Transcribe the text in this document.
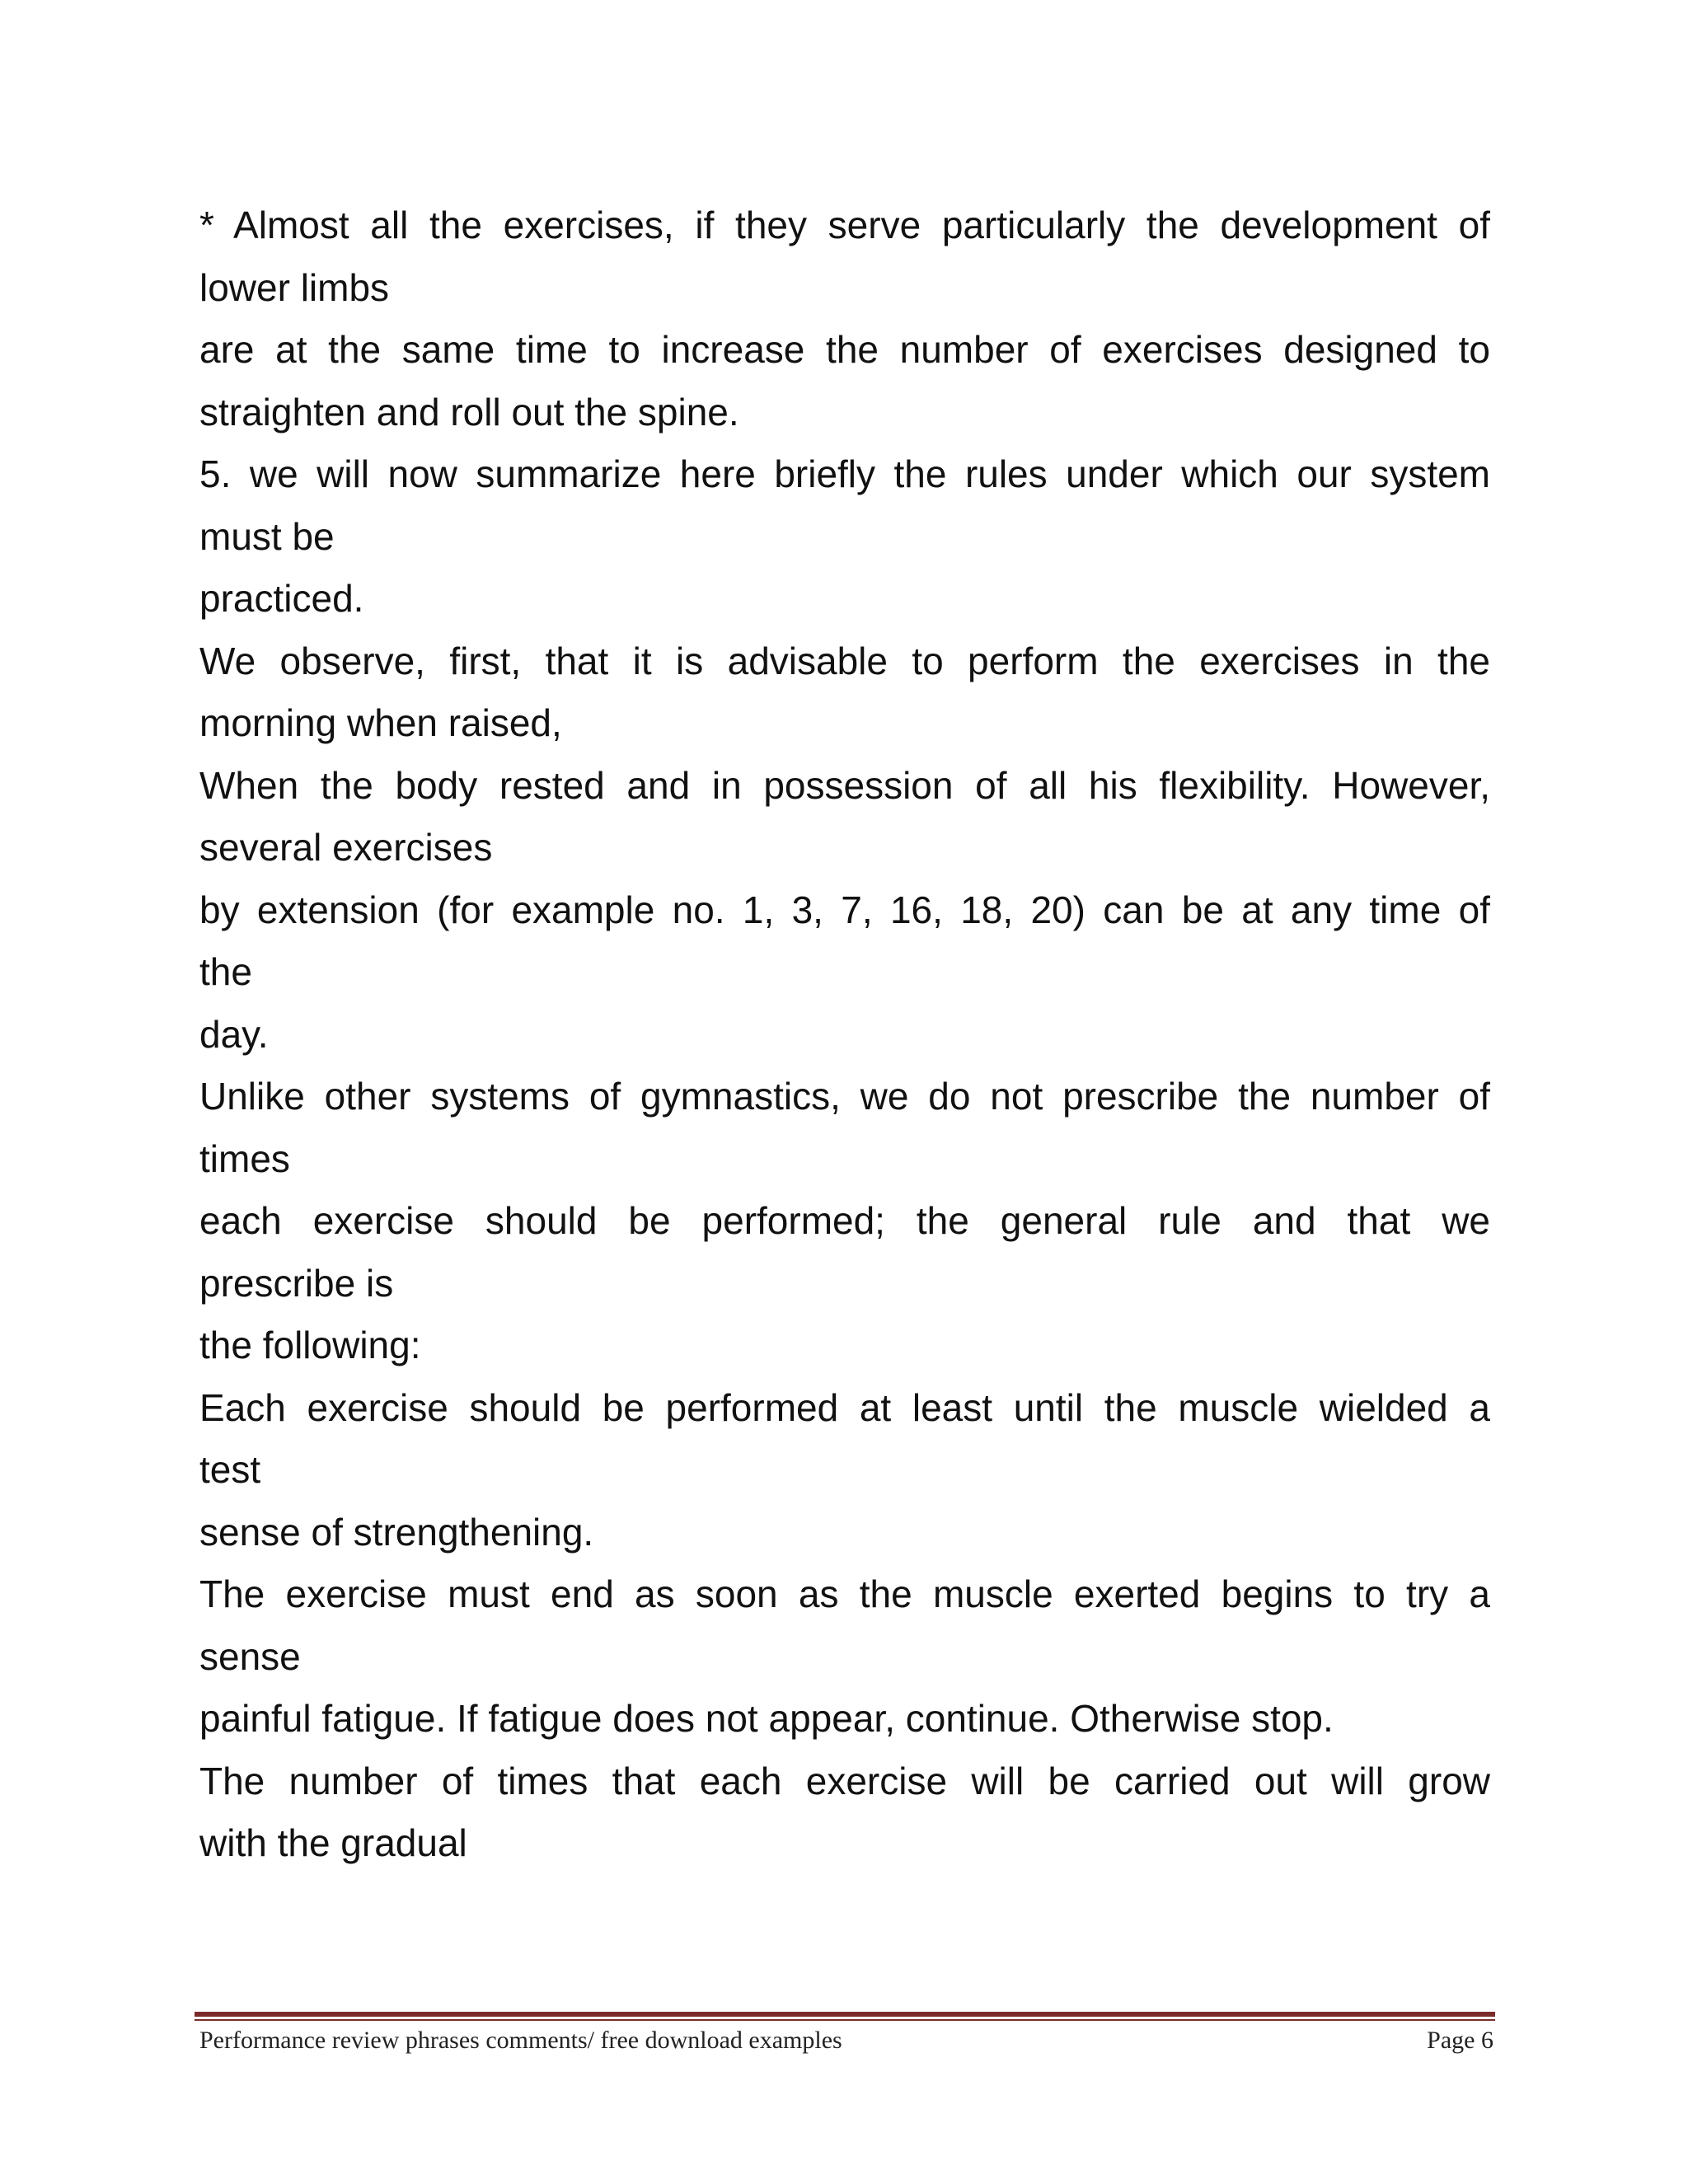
* Almost all the exercises, if they serve particularly the development of
lower limbs
are at the same time to increase the number of exercises designed to
straighten and roll out the spine.
5. we will now summarize here briefly the rules under which our system
must be
practiced.
We observe, first, that it is advisable to perform the exercises in the
morning when raised,
When the body rested and in possession of all his flexibility. However,
several exercises
by extension (for example no. 1, 3, 7, 16, 18, 20) can be at any time of
the
day.
Unlike other systems of gymnastics, we do not prescribe the number of
times
each exercise should be performed; the general rule and that we
prescribe is
the following:
Each exercise should be performed at least until the muscle wielded a
test
sense of strengthening.
The exercise must end as soon as the muscle exerted begins to try a
sense
painful fatigue. If fatigue does not appear, continue. Otherwise stop.
The number of times that each exercise will be carried out will grow
with the gradual
Performance review phrases comments/ free download examples	Page 6
